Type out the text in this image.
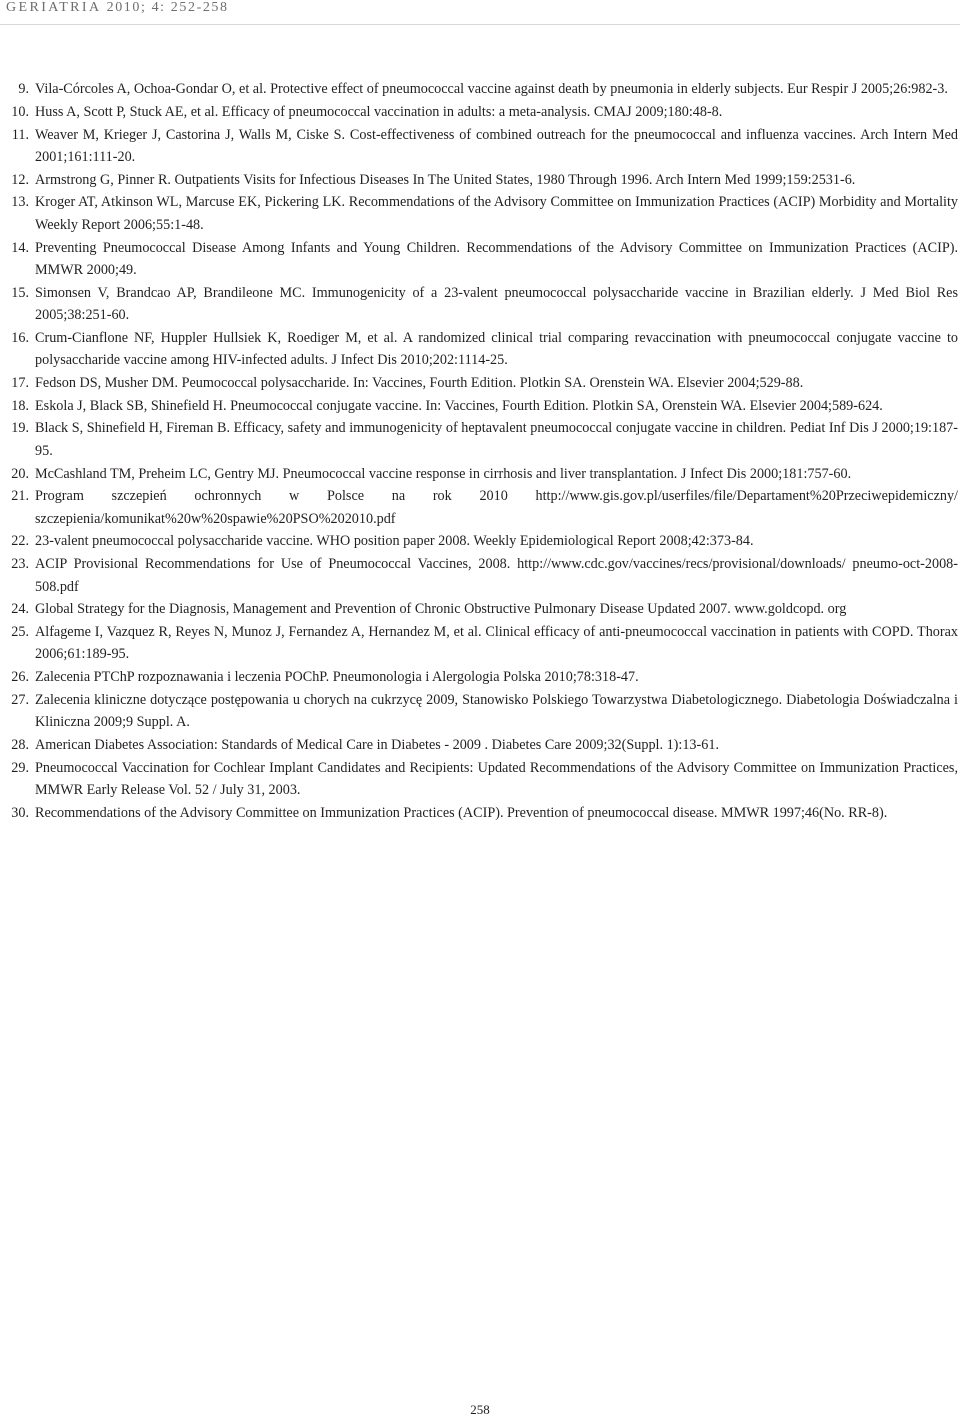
GERIATRIA 2010; 4: 252-258
9. Vila-Córcoles A, Ochoa-Gondar O, et al. Protective effect of pneumococcal vaccine against death by pneumonia in elderly subjects. Eur Respir J 2005;26:982-3.
10. Huss A, Scott P, Stuck AE, et al. Efficacy of pneumococcal vaccination in adults: a meta-analysis. CMAJ 2009;180:48-8.
11. Weaver M, Krieger J, Castorina J, Walls M, Ciske S. Cost-effectiveness of combined outreach for the pneumococcal and influenza vaccines. Arch Intern Med 2001;161:111-20.
12. Armstrong G, Pinner R. Outpatients Visits for Infectious Diseases In The United States, 1980 Through 1996. Arch Intern Med 1999;159:2531-6.
13. Kroger AT, Atkinson WL, Marcuse EK, Pickering LK. Recommendations of the Advisory Committee on Immunization Practices (ACIP) Morbidity and Mortality Weekly Report 2006;55:1-48.
14. Preventing Pneumococcal Disease Among Infants and Young Children. Recommendations of the Advisory Committee on Immunization Practices (ACIP). MMWR 2000;49.
15. Simonsen V, Brandcao AP, Brandileone MC. Immunogenicity of a 23-valent pneumococcal polysaccharide vaccine in Brazilian elderly. J Med Biol Res 2005;38:251-60.
16. Crum-Cianflone NF, Huppler Hullsiek K, Roediger M, et al. A randomized clinical trial comparing revaccination with pneumococcal conjugate vaccine to polysaccharide vaccine among HIV-infected adults. J Infect Dis 2010;202:1114-25.
17. Fedson DS, Musher DM. Peumococcal polysaccharide. In: Vaccines, Fourth Edition. Plotkin SA. Orenstein WA. Elsevier 2004;529-88.
18. Eskola J, Black SB, Shinefield H. Pneumococcal conjugate vaccine. In: Vaccines, Fourth Edition. Plotkin SA, Orenstein WA. Elsevier 2004;589-624.
19. Black S, Shinefield H, Fireman B. Efficacy, safety and immunogenicity of heptavalent pneumococcal conjugate vaccine in children. Pediat Inf Dis J 2000;19:187-95.
20. McCashland TM, Preheim LC, Gentry MJ. Pneumococcal vaccine response in cirrhosis and liver transplantation. J Infect Dis 2000;181:757-60.
21. Program szczepień ochronnych w Polsce na rok 2010 http://www.gis.gov.pl/userfiles/file/Departament%20Przeciwepidemiczny/ szczepienia/komunikat%20w%20spawie%20PSO%202010.pdf
22. 23-valent pneumococcal polysaccharide vaccine. WHO position paper 2008. Weekly Epidemiological Report 2008;42:373-84.
23. ACIP Provisional Recommendations for Use of Pneumococcal Vaccines, 2008. http://www.cdc.gov/vaccines/recs/provisional/downloads/ pneumo-oct-2008-508.pdf
24. Global Strategy for the Diagnosis, Management and Prevention of Chronic Obstructive Pulmonary Disease Updated 2007. www.goldcopd. org
25. Alfageme I, Vazquez R, Reyes N, Munoz J, Fernandez A, Hernandez M, et al. Clinical efficacy of anti-pneumococcal vaccination in patients with COPD. Thorax 2006;61:189-95.
26. Zalecenia PTChP rozpoznawania i leczenia POChP. Pneumonologia i Alergologia Polska 2010;78:318-47.
27. Zalecenia kliniczne dotyczące postępowania u chorych na cukrzycę 2009, Stanowisko Polskiego Towarzystwa Diabetologicznego. Diabetologia Doświadczalna i Kliniczna 2009;9 Suppl. A.
28. American Diabetes Association: Standards of Medical Care in Diabetes - 2009 . Diabetes Care 2009;32(Suppl. 1):13-61.
29. Pneumococcal Vaccination for Cochlear Implant Candidates and Recipients: Updated Recommendations of the Advisory Committee on Immunization Practices, MMWR Early Release Vol. 52 / July 31, 2003.
30. Recommendations of the Advisory Committee on Immunization Practices (ACIP). Prevention of pneumococcal disease. MMWR 1997;46(No. RR-8).
258
